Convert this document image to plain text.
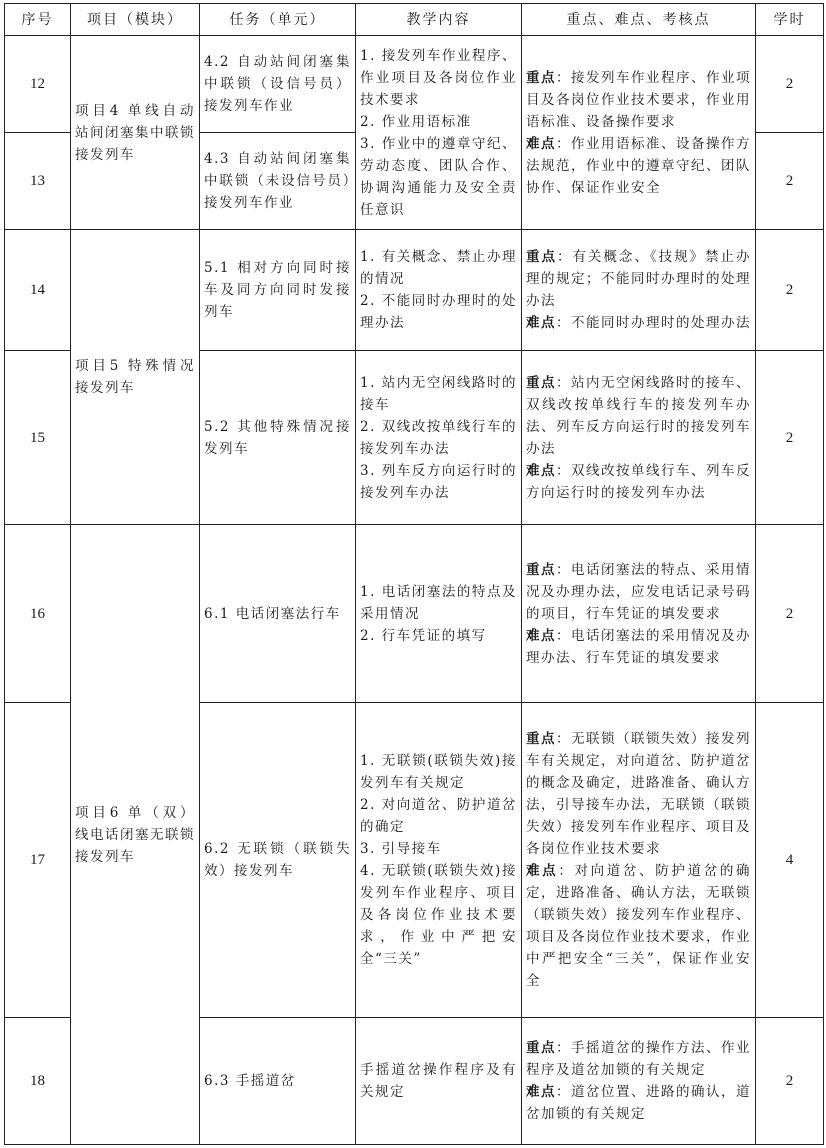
序号	项目（模块）	任务（单元）	教学内容	重点、难点、考核点	学时
12	项目4 单线自动站间闭塞集中联锁接发列车	4.2 自动站间闭塞集中联锁（设信号员）接发列车作业	1. 接发列车作业程序、作业项目及各岗位作业技术要求
2. 作业用语标准
3. 作业中的遵章守纪、劳动态度、团队合作、协调沟通能力及安全责任意识	重点：接发列车作业程序、作业项目及各岗位作业技术要求，作业用语标准、设备操作要求
难点：作业用语标准、设备操作方法规范，作业中的遵章守纪、团队协作、保证作业安全	2
13		4.3 自动站间闭塞集中联锁（未设信号员）接发列车作业			2
14	项目5 特殊情况接发列车	5.1 相对方向同时接车及同方向同时发接列车	1. 有关概念、禁止办理的情况
2. 不能同时办理时的处理办法	重点：有关概念、《技规》禁止办理的规定；不能同时办理时的处理办法
难点：不能同时办理时的处理办法	2
15		5.2 其他特殊情况接发列车	1. 站内无空闲线路时的接车
2. 双线改按单线行车的接发列车办法
3. 列车反方向运行时的接发列车办法	重点：站内无空闲线路时的接车、双线改按单线行车的接发列车办法、列车反方向运行时的接发列车办法
难点：双线改按单线行车、列车反方向运行时的接发列车办法	2
16	项目6 单（双）线电话闭塞无联锁接发列车	6.1 电话闭塞法行车	1. 电话闭塞法的特点及采用情况
2. 行车凭证的填写	重点：电话闭塞法的特点、采用情况及办理办法，应发电话记录号码的项目，行车凭证的填发要求
难点：电话闭塞法的采用情况及办理办法、行车凭证的填发要求	2
17		6.2 无联锁（联锁失效）接发列车	1. 无联锁(联锁失效)接发列车有关规定
2. 对向道岔、防护道岔的确定
3. 引导接车
4. 无联锁(联锁失效)接发列车作业程序、项目及各岗位作业技术要求，作业中严把安全“三关”	重点：无联锁（联锁失效）接发列车有关规定，对向道岔、防护道岔的概念及确定，进路准备、确认方法，引导接车办法，无联锁（联锁失效）接发列车作业程序、项目及各岗位作业技术要求
难点：对向道岔、防护道岔的确定，进路准备、确认方法，无联锁（联锁失效）接发列车作业程序、项目及各岗位作业技术要求，作业中严把安全“三关”，保证作业安全	4
18		6.3 手摇道岔	手摇道岔操作程序及有关规定	重点：手摇道岔的操作方法、作业程序及道岔加锁的有关规定
难点：道岔位置、进路的确认，道岔加锁的有关规定	2
